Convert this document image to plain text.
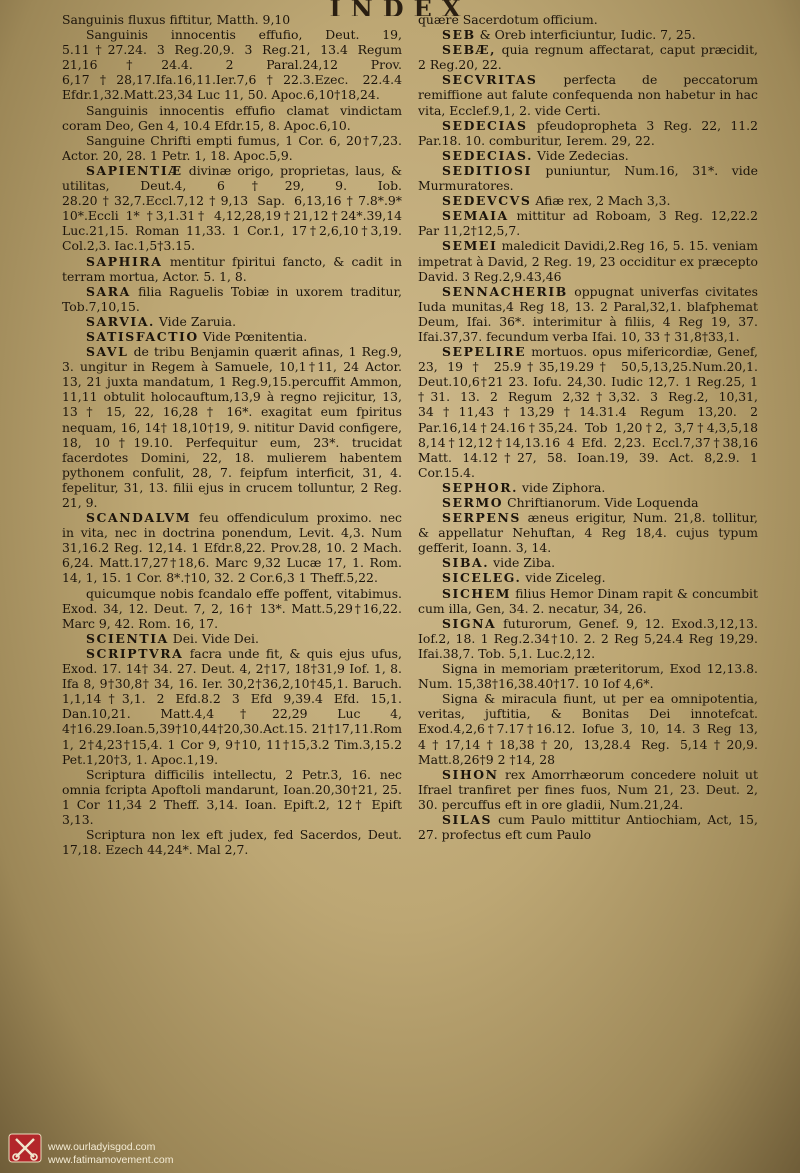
INDEX

Sanguinis fluxus fiftitur, Matth. 9,10

Sanguinis innocentis effufio, Deut. 19, 5.11†27.24. 3 Reg.20,9. 3 Reg.21, 13.4 Regum 21,16†24.4. 2 Paral.24,12 Prov. 6,17†28,17.Ifa.16,11.Ier.7,6†22.3.Ezec. 22.4.4 Efdr.1,32.Matt.23,34 Luc 11, 50. Apoc.6,10†18,24.

Sanguinis innocentis effufio clamat vindictam coram Deo, Gen 4, 10.4 Efdr.15, 8. Apoc.6,10.

Sanguine Chrifti empti fumus, 1 Cor. 6, 20†7,23. Actor. 20, 28. 1 Petr. 1, 18. Apoc.5,9.

SAPIENTIÆ divinæ origo, proprietas, laus, & utilitas, Deut.4, 6†29, 9. Iob. 28.20†32,7.Eccl.7,12†9,13 Sap. 6,13,16†7.8*.9* 10*.Eccli 1* †3,1.31† 4,12,28,19†21,12†24*.39,14 Luc.21,15. Roman 11,33. 1 Cor.1, 17†2,6,10†3,19. Col.2,3. Iac.1,5†3.15.

SAPHIRA mentitur fpiritui fancto, & cadit in terram mortua, Actor. 5. 1, 8.

SARA filia Raguelis Tobiæ in uxorem traditur, Tob.7,10,15.

SARVIA. Vide Zaruia.

SATISFACTIO Vide Pœnitentia.

SAVL de tribu Benjamin quærit afinas, 1 Reg.9, 3. ungitur in Regem à Samuele, 10,1†11, 24 Actor. 13, 21 juxta mandatum, 1 Reg.9,15.percuffit Ammon, 11,11 obtulit holocauftum,13,9 à regno rejicitur, 13, 13 † 15, 22, 16,28 † 16*. exagitat eum fpiritus nequam, 16, 14† 18,10†19, 9. nititur David configere, 18, 10†19.10. Perfequitur eum, 23*. trucidat facerdotes Domini, 22, 18. mulierem habentem pythonem confulit, 28, 7. feipfum interficit, 31, 4. fepelitur, 31, 13. filii ejus in crucem tolluntur, 2 Reg. 21, 9.

SCANDALVM feu offendiculum proximo. nec in vita, nec in doctrina ponendum, Levit. 4,3. Num 31,16.2 Reg. 12,14. 1 Efdr.8,22. Prov.28, 10. 2 Mach. 6,24. Matt.17,27†18,6. Marc 9,32 Lucæ 17, 1. Rom. 14, 1, 15. 1 Cor. 8*.†10, 32. 2 Cor.6,3 1 Theff.5,22.

quicumque nobis fcandalo effe poffent, vitabimus. Exod. 34, 12. Deut. 7, 2, 16† 13*. Matt.5,29†16,22. Marc 9, 42. Rom. 16, 17.

SCIENTIA Dei. Vide Dei.

SCRIPTVRA facra unde fit, & quis ejus ufus, Exod. 17. 14† 34. 27. Deut. 4, 2†17, 18†31,9 Iof. 1, 8. Ifa 8, 9†30,8† 34, 16. Ier. 30,2†36,2,10†45,1. Baruch. 1,1,14†3,1. 2 Efd.8.2 3 Efd 9,39.4 Efd. 15,1. Dan.10,21. Matt.4,4†22,29 Luc 4, 4†16.29.Ioan.5,39†10,44†20,30.Act.15. 21†17,11.Rom 1, 2†4,23†15,4. 1 Cor 9, 9†10, 11†15,3.2 Tim.3,15.2 Pet.1,20†3, 1. Apoc.1,19.

Scriptura difficilis intellectu, 2 Petr.3, 16. nec omnia fcripta Apoftoli mandarunt, Ioan.20,30†21, 25. 1 Cor 11,34 2 Theff. 3,14. Ioan. Epift.2, 12† Epift 3,13.

Scriptura non lex eft judex, fed Sacerdos, Deut. 17,18. Ezech 44,24*. Mal 2,7.

quære Sacerdotum officium.

SEB & Oreb interficiuntur, Iudic. 7, 25.

SEBÆ, quia regnum affectarat, caput præcidit, 2 Reg.20, 22.

SECVRITAS perfecta de peccatorum remiffione aut falute confequenda non habetur in hac vita, Ecclef.9,1, 2. vide Certi.

SEDECIAS pfeudopropheta 3 Reg. 22, 11.2 Par.18. 10. comburitur, Ierem. 29, 22.

SEDECIAS. Vide Zedecias.

SEDITIOSI puniuntur, Num.16, 31*. vide Murmuratores.

SEDEVCVS Afiæ rex, 2 Mach 3,3.

SEMAIA mittitur ad Roboam, 3 Reg. 12,22.2 Par 11,2†12,5,7.

SEMEI maledicit Davidi,2.Reg 16, 5. 15. veniam impetrat à David, 2 Reg. 19, 23 occiditur ex præcepto David. 3 Reg.2,9.43,46

SENNACHERIB oppugnat univerfas civitates Iuda munitas,4 Reg 18, 13. 2 Paral,32,1. blafphemat Deum, Ifai. 36*. interimitur à filiis, 4 Reg 19, 37. Ifai.37,37. fecundum verba Ifai. 10, 33 † 31,8†33,1.

SEPELIRE mortuos. opus mifericordiæ, Genef, 23, 19 † 25.9†35,19.29† 50,5,13,25.Num.20,1. Deut.10,6†21 23. Iofu. 24,30. Iudic 12,7. 1 Reg.25, 1 †31. 13. 2 Regum 2,32†3,32. 3 Reg.2, 10,31, 34†11,43†13,29†14.31.4 Regum 13,20. 2 Par.16,14†24.16†35,24. Tob 1,20†2, 3,7†4,3,5,18 8,14†12,12†14,13.16 4 Efd. 2,23. Eccl.7,37†38,16 Matt. 14.12†27, 58. Ioan.19, 39. Act. 8,2.9. 1 Cor.15.4.

SEPHOR. vide Ziphora.

SERMO Chriftianorum. Vide Loquenda

SERPENS æneus erigitur, Num. 21,8. tollitur, & appellatur Nehuftan, 4 Reg 18,4. cujus typum gefferit, Ioann. 3, 14.

SIBA. vide Ziba.

SICELEG. vide Ziceleg.

SICHEM filius Hemor Dinam rapit & concumbit cum illa, Gen, 34. 2. necatur, 34, 26.

SIGNA futurorum, Genef. 9, 12. Exod.3,12,13. Iof.2, 18. 1 Reg.2.34†10. 2. 2 Reg 5,24.4 Reg 19,29. Ifai.38,7. Tob. 5,1. Luc.2,12.

Signa in memoriam præteritorum, Exod 12,13.8. Num. 15,38†16,38.40†17. 10 Iof 4,6*.

Signa & miracula fiunt, ut per ea omnipotentia, veritas, juftitia, & Bonitas Dei innotefcat. Exod.4,2,6†7.17†16.12. Iofue 3, 10, 14. 3 Reg 13, 4†17,14†18,38†20, 13,28.4 Reg. 5,14†20,9. Matt.8,26†9 2 †14, 28

SIHON rex Amorrhæorum concedere noluit ut Ifrael tranfiret per fines fuos, Num 21, 23. Deut. 2, 30. percuffus eft in ore gladii, Num.21,24.

SILAS cum Paulo mittitur Antiochiam, Act, 15, 27. profectus eft cum Paulo

www.ourladyisgod.com
www.fatimamovement.com
